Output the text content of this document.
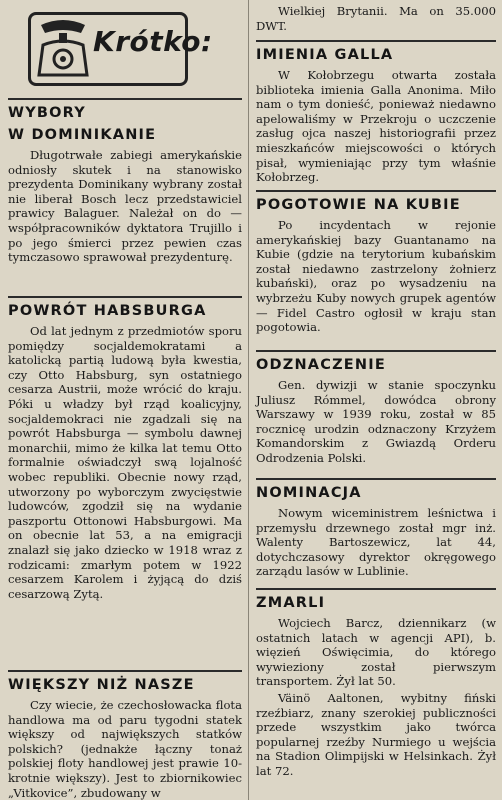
Krótko:
WYBORY
W DOMINIKANIE

Długotrwałe zabiegi amerykańskie odniosły skutek i na stanowisko prezydenta Dominikany wybrany został nie liberał Bosch lecz przedstawiciel prawicy Balaguer. Należał on do — współpracowników dyktatora Trujillo i po jego śmierci przez pewien czas tymczasowo sprawował prezydenturę.

POWRÓT HABSBURGA

Od lat jednym z przedmiotów sporu pomiędzy socjaldemokratami a katolicką partią ludową była kwestia, czy Otto Habsburg, syn ostatniego cesarza Austrii, może wrócić do kraju. Póki u władzy był rząd koalicyjny, socjaldemokraci nie zgadzali się na powrót Habsburga — symbolu dawnej monarchii, mimo że kilka lat temu Otto formalnie oświadczył swą lojalność wobec republiki. Obecnie nowy rząd, utworzony po wyborczym zwycięstwie ludowców, zgodził się na wydanie paszportu Ottonowi Habsburgowi. Ma on obecnie lat 53, a na emigracji znalazł się jako dziecko w 1918 wraz z rodzicami: zmarłym potem w 1922 cesarzem Karolem i żyjącą do dziś cesarzową Zytą.

WIĘKSZY NIŻ NASZE

Czy wiecie, że czechosłowacka flota handlowa ma od paru tygodni statek większy od największych statków polskich? (jednakże łączny tonaż polskiej floty handlowej jest prawie 10-krotnie większy). Jest to zbiornikowiec „Vitkovice”, zbudowany w

Wielkiej Brytanii. Ma on 35.000 DWT.

IMIENIA GALLA

W Kołobrzegu otwarta została biblioteka imienia Galla Anonima. Miło nam o tym donieść, ponieważ niedawno apelowaliśmy w Przekroju o uczczenie zasług ojca naszej historiografii przez mieszkańców miejscowości o których pisał, wymieniając przy tym właśnie Kołobrzeg.

POGOTOWIE NA KUBIE

Po incydentach w rejonie amerykańskiej bazy Guantanamo na Kubie (gdzie na terytorium kubańskim został niedawno zastrzelony żołnierz kubański), oraz po wysadzeniu na wybrzeżu Kuby nowych grupek agentów — Fidel Castro ogłosił w kraju stan pogotowia.

ODZNACZENIE

Gen. dywizji w stanie spoczynku Juliusz Rómmel, dowódca obrony Warszawy w 1939 roku, został w 85 rocznicę urodzin odznaczony Krzyżem Komandorskim z Gwiazdą Orderu Odrodzenia Polski.

NOMINACJA

Nowym wiceministrem leśnictwa i przemysłu drzewnego został mgr inż. Walenty Bartoszewicz, lat 44, dotychczasowy dyrektor okręgowego zarządu lasów w Lublinie.

ZMARLI

Wojciech Barcz, dziennikarz (w ostatnich latach w agencji API), b. więzień Oświęcimia, do którego wywieziony został pierwszym transportem. Żył lat 50.

Väinö Aaltonen, wybitny fiński rzeźbiarz, znany szerokiej publiczności przede wszystkim jako twórca popularnej rzeźby Nurmiego u wejścia na Stadion Olimpijski w Helsinkach. Żył lat 72.
